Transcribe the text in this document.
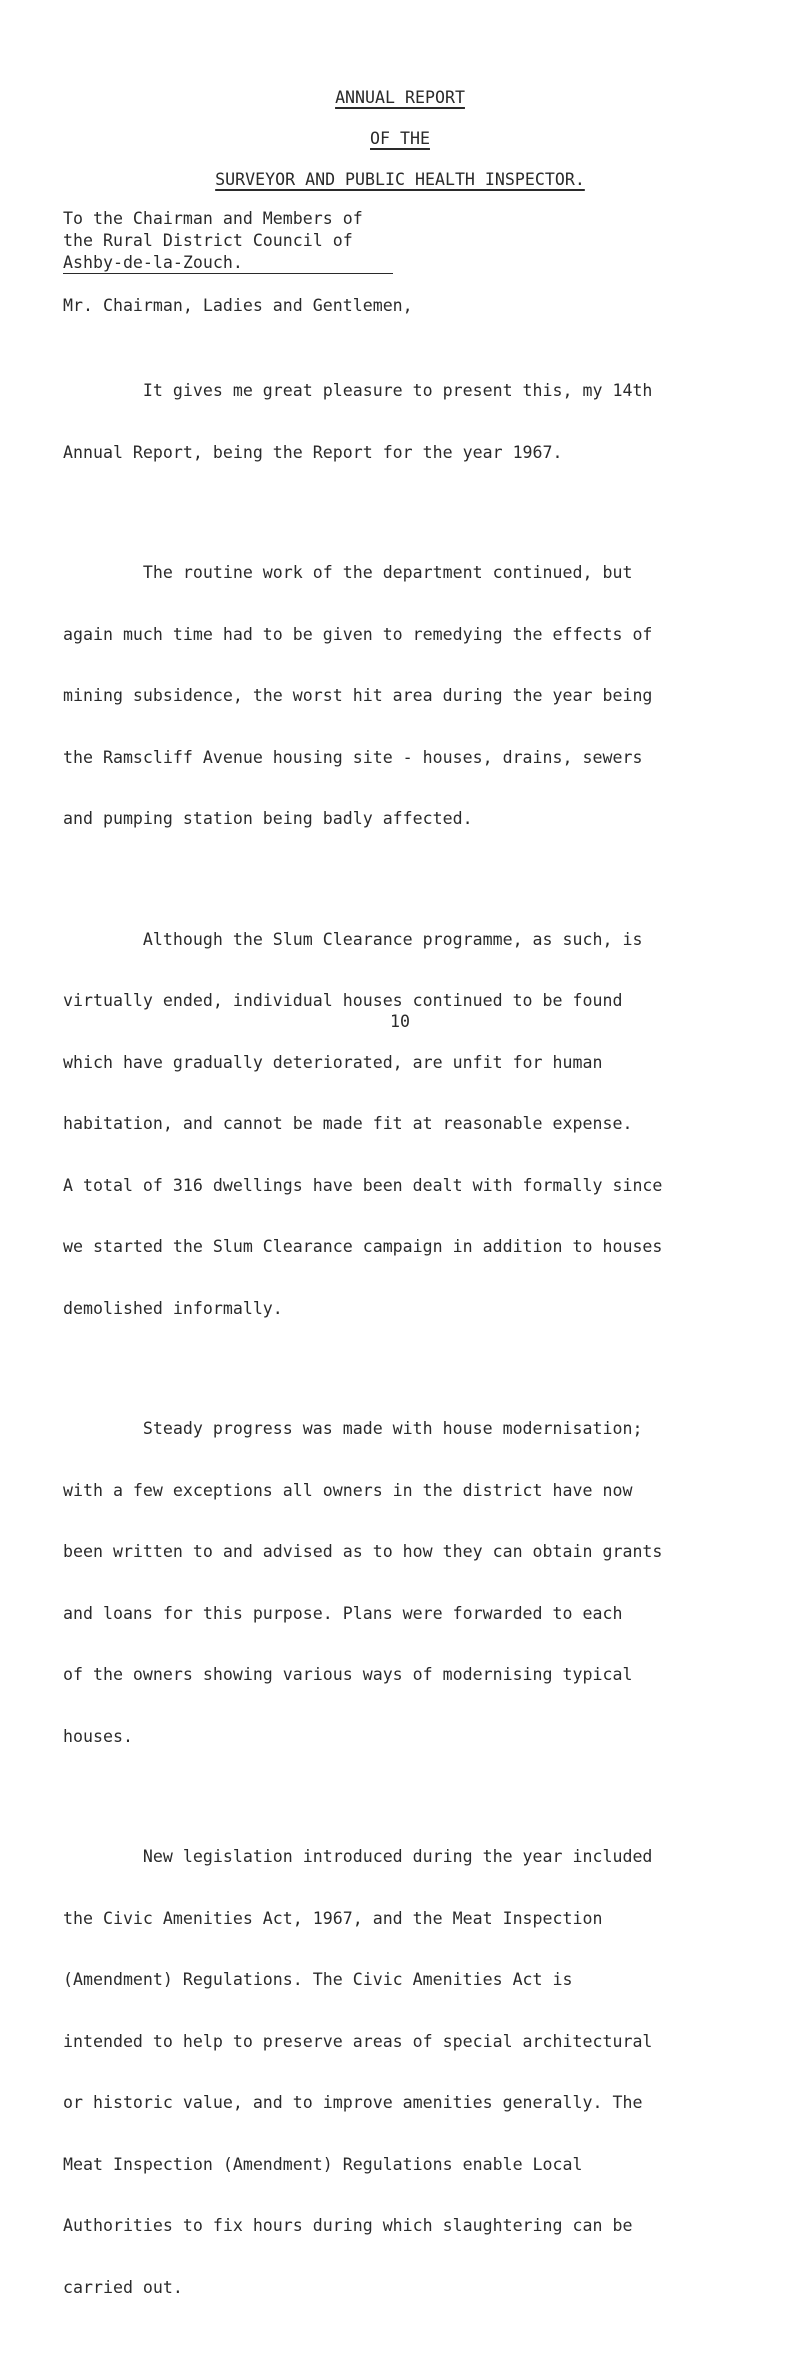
ANNUAL REPORT
OF THE
SURVEYOR AND PUBLIC HEALTH INSPECTOR.
To the Chairman and Members of
the Rural District Council of
Ashby-de-la-Zouch.
Mr. Chairman, Ladies and Gentlemen,

It gives me great pleasure to present this, my 14th

Annual Report, being the Report for the year 1967.

The routine work of the department continued, but

again much time had to be given to remedying the effects of

mining subsidence, the worst hit area during the year being

the Ramscliff Avenue housing site - houses, drains, sewers

and pumping station being badly affected.

Although the Slum Clearance programme, as such, is

virtually ended, individual houses continued to be found

which have gradually deteriorated, are unfit for human

habitation, and cannot be made fit at reasonable expense.

A total of 316 dwellings have been dealt with formally since

we started the Slum Clearance campaign in addition to houses

demolished informally.

Steady progress was made with house modernisation;

with a few exceptions all owners in the district have now

been written to and advised as to how they can obtain grants

and loans for this purpose. Plans were forwarded to each

of the owners showing various ways of modernising typical

houses.

New legislation introduced during the year included

the Civic Amenities Act, 1967, and the Meat Inspection

(Amendment) Regulations. The Civic Amenities Act is

intended to help to preserve areas of special architectural

or historic value, and to improve amenities generally. The

Meat Inspection (Amendment) Regulations enable Local

Authorities to fix hours during which slaughtering can be

carried out.

10
